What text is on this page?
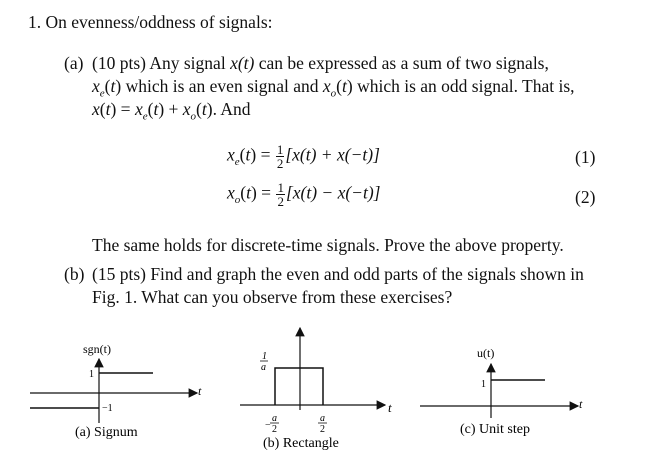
1. On evenness/oddness of signals:
(a) (10 pts) Any signal x(t) can be expressed as a sum of two signals,
$x_e(t)$ which is an even signal and $x_o(t)$ which is an odd signal. That is,
$x(t) = x_e(t) + x_o(t)$. And
$x_e(t) = \frac{1}{2} [x(t) + x(-t)]$	(1)
$x_o(t) = \frac{1}{2} [x(t) - x(-t)]$	(2)
The same holds for discrete-time signals. Prove the above property.
(b) (15 pts) Find and graph the even and odd parts of the signals shown in
Fig. 1. What can you observe from these exercises?
sgn(t)
t
1
−1
(a) Signum
t
1
a
−
a
2
a
2
(b) Rectangle
u(t)
t
1
(c) Unit step
